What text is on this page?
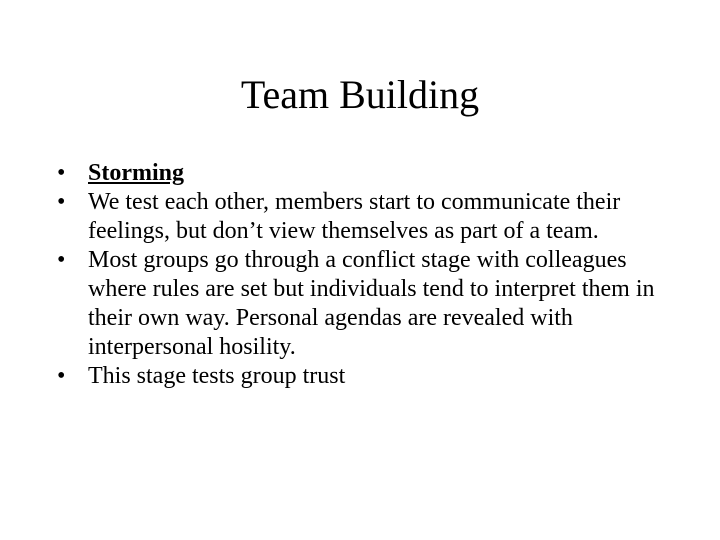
Team Building
• Storming
• We test each other, members start to communicate their feelings, but don’t view themselves as part of a team.
• Most groups go through a conflict stage with colleagues where rules are set but individuals tend to interpret them in their own way. Personal agendas are revealed with interpersonal hosility.
• This stage tests group trust
